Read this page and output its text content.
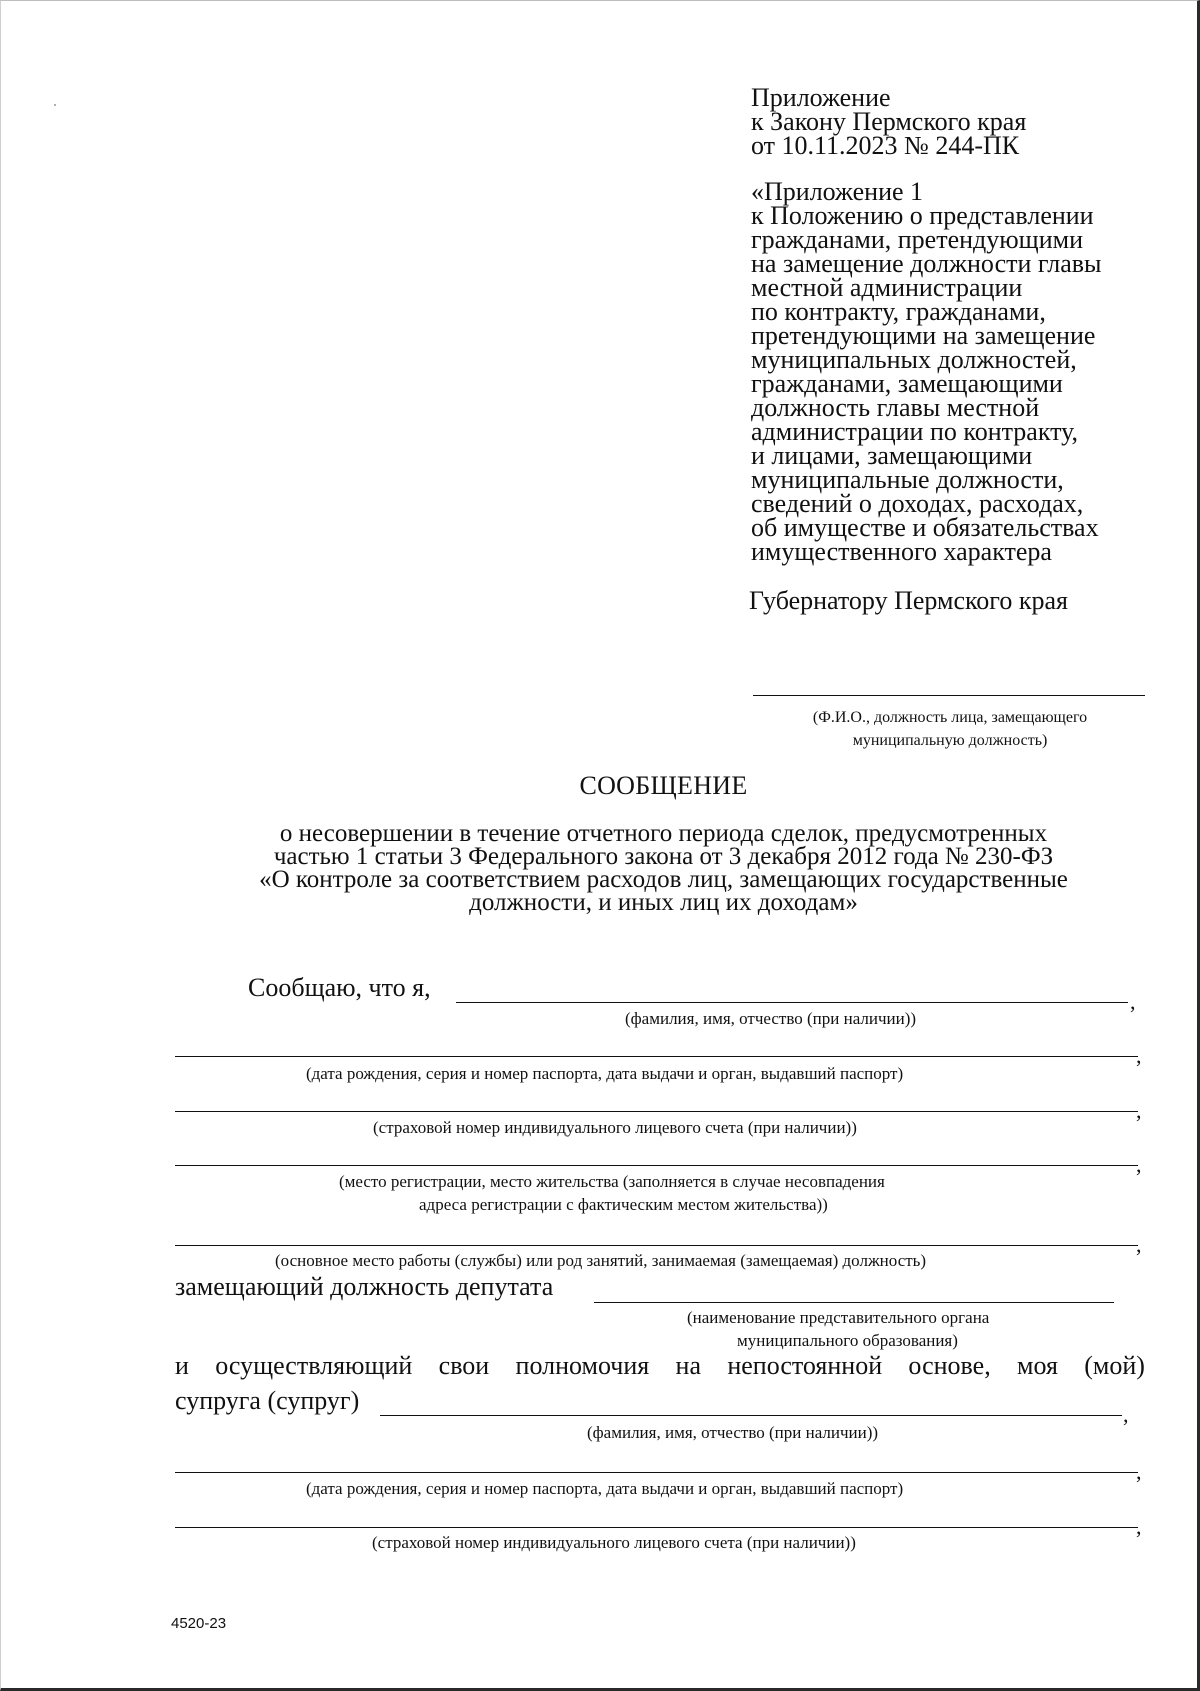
Приложение
к Закону Пермского края
от 10.11.2023 № 244-ПК
«Приложение 1
к Положению о представлении
гражданами, претендующими
на замещение должности главы
местной администрации
по контракту, гражданами,
претендующими на замещение
муниципальных должностей,
гражданами, замещающими
должность главы местной
администрации по контракту,
и лицами, замещающими
муниципальные должности,
сведений о доходах, расходах,
об имуществе и обязательствах
имущественного характера
Губернатору Пермского края
(Ф.И.О., должность лица, замещающего
муниципальную должность)
СООБЩЕНИЕ
о несовершении в течение отчетного периода сделок, предусмотренных
частью 1 статьи 3 Федерального закона от 3 декабря 2012 года № 230-ФЗ
«О контроле за соответствием расходов лиц, замещающих государственные
должности, и иных лиц их доходам»
Сообщаю, что я,	,
(фамилия, имя, отчество (при наличии))
,
(дата рождения, серия и номер паспорта, дата выдачи и орган, выдавший паспорт)
,
(страховой номер индивидуального лицевого счета (при наличии))
,
(место регистрации, место жительства (заполняется в случае несовпадения
адреса регистрации с фактическим местом жительства))
,
(основное место работы (службы) или род занятий, занимаемая (замещаемая) должность)
замещающий должность депутата
(наименование представительного органа
муниципального образования)
и осуществляющий свои полномочия на непостоянной основе, моя (мой)
супруга (супруг)	,
(фамилия, имя, отчество (при наличии))
,
(дата рождения, серия и номер паспорта, дата выдачи и орган, выдавший паспорт)
,
(страховой номер индивидуального лицевого счета (при наличии))
4520-23
